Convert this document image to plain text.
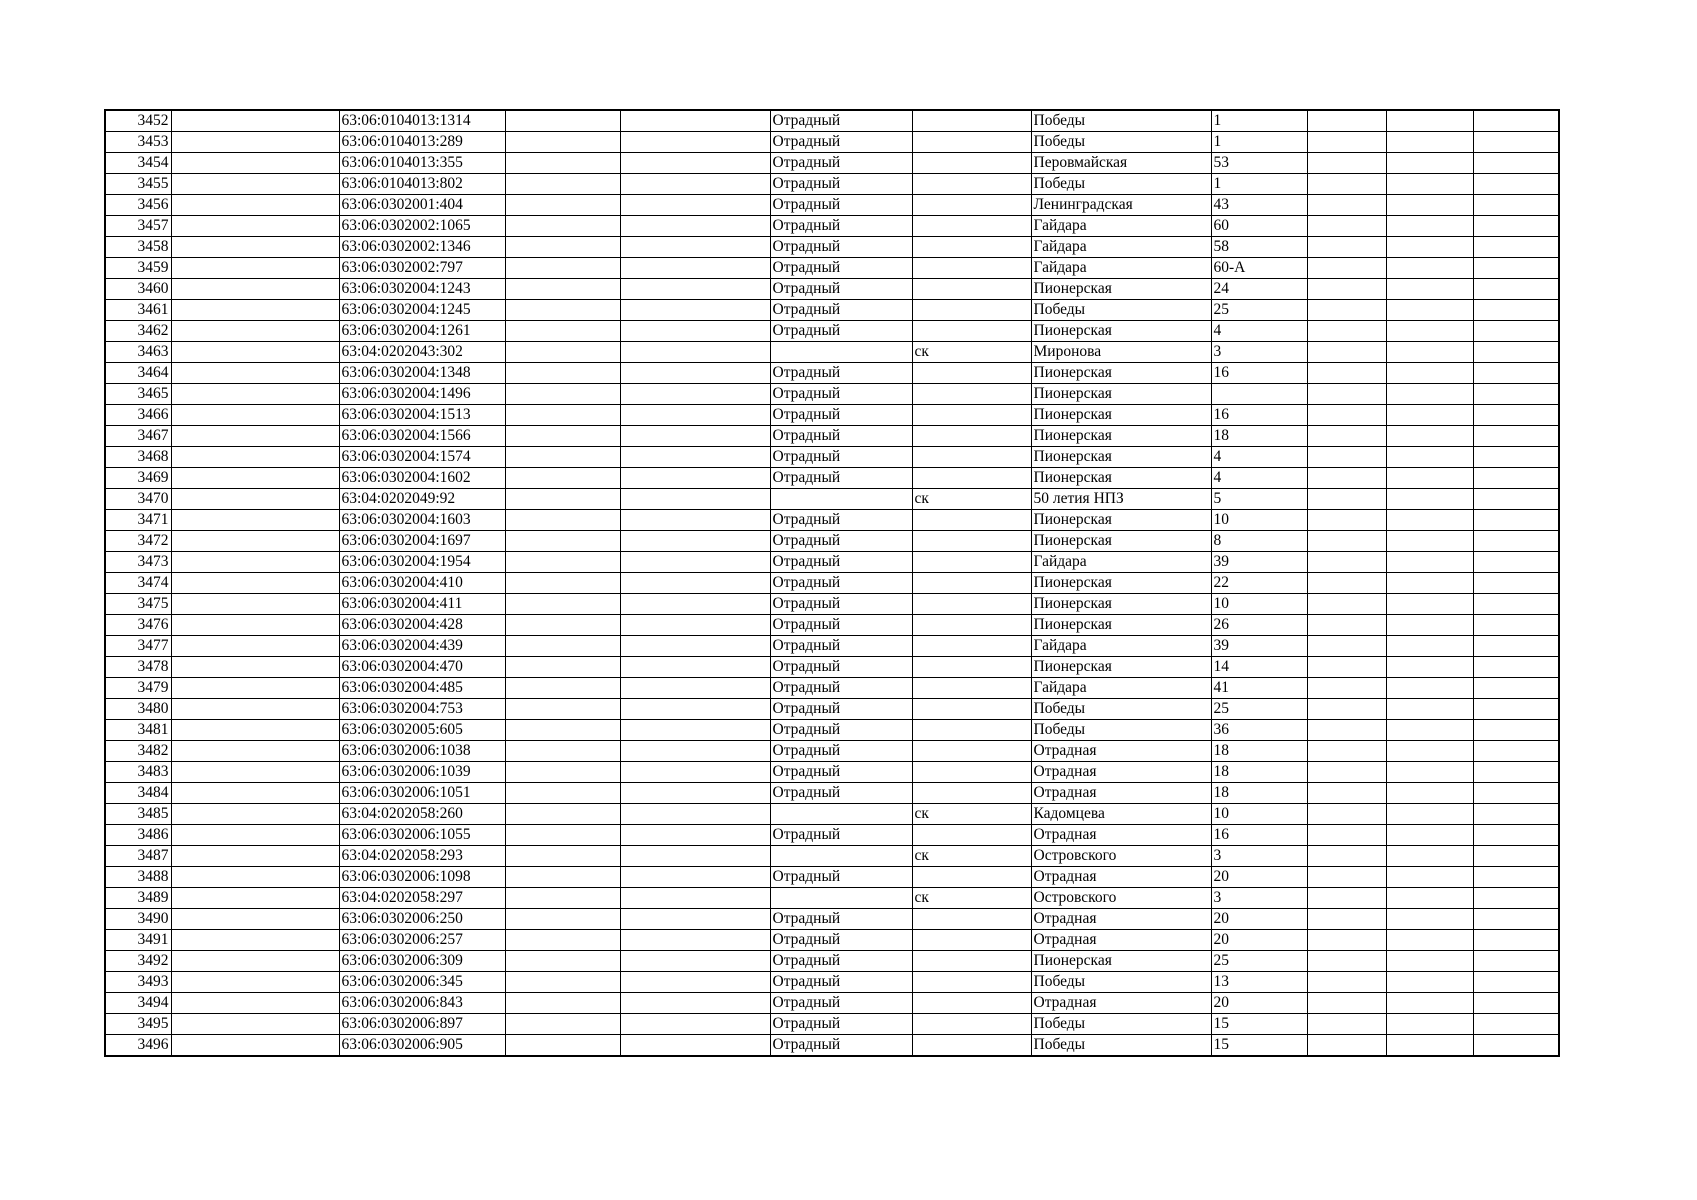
3452		63:06:0104013:1314			Отрадный		Победы	1			
3453		63:06:0104013:289			Отрадный		Победы	1			
3454		63:06:0104013:355			Отрадный		Перовмайская	53			
3455		63:06:0104013:802			Отрадный		Победы	1			
3456		63:06:0302001:404			Отрадный		Ленинградская	43			
3457		63:06:0302002:1065			Отрадный		Гайдара	60			
3458		63:06:0302002:1346			Отрадный		Гайдара	58			
3459		63:06:0302002:797			Отрадный		Гайдара	60-А			
3460		63:06:0302004:1243			Отрадный		Пионерская	24			
3461		63:06:0302004:1245			Отрадный		Победы	25			
3462		63:06:0302004:1261			Отрадный		Пионерская	4			
3463		63:04:0202043:302				ск	Миронова	3			
3464		63:06:0302004:1348			Отрадный		Пионерская	16			
3465		63:06:0302004:1496			Отрадный		Пионерская				
3466		63:06:0302004:1513			Отрадный		Пионерская	16			
3467		63:06:0302004:1566			Отрадный		Пионерская	18			
3468		63:06:0302004:1574			Отрадный		Пионерская	4			
3469		63:06:0302004:1602			Отрадный		Пионерская	4			
3470		63:04:0202049:92				ск	50 летия НПЗ	5			
3471		63:06:0302004:1603			Отрадный		Пионерская	10			
3472		63:06:0302004:1697			Отрадный		Пионерская	8			
3473		63:06:0302004:1954			Отрадный		Гайдара	39			
3474		63:06:0302004:410			Отрадный		Пионерская	22			
3475		63:06:0302004:411			Отрадный		Пионерская	10			
3476		63:06:0302004:428			Отрадный		Пионерская	26			
3477		63:06:0302004:439			Отрадный		Гайдара	39			
3478		63:06:0302004:470			Отрадный		Пионерская	14			
3479		63:06:0302004:485			Отрадный		Гайдара	41			
3480		63:06:0302004:753			Отрадный		Победы	25			
3481		63:06:0302005:605			Отрадный		Победы	36			
3482		63:06:0302006:1038			Отрадный		Отрадная	18			
3483		63:06:0302006:1039			Отрадный		Отрадная	18			
3484		63:06:0302006:1051			Отрадный		Отрадная	18			
3485		63:04:0202058:260				ск	Кадомцева	10			
3486		63:06:0302006:1055			Отрадный		Отрадная	16			
3487		63:04:0202058:293				ск	Островского	3			
3488		63:06:0302006:1098			Отрадный		Отрадная	20			
3489		63:04:0202058:297				ск	Островского	3			
3490		63:06:0302006:250			Отрадный		Отрадная	20			
3491		63:06:0302006:257			Отрадный		Отрадная	20			
3492		63:06:0302006:309			Отрадный		Пионерская	25			
3493		63:06:0302006:345			Отрадный		Победы	13			
3494		63:06:0302006:843			Отрадный		Отрадная	20			
3495		63:06:0302006:897			Отрадный		Победы	15			
3496		63:06:0302006:905			Отрадный		Победы	15			
